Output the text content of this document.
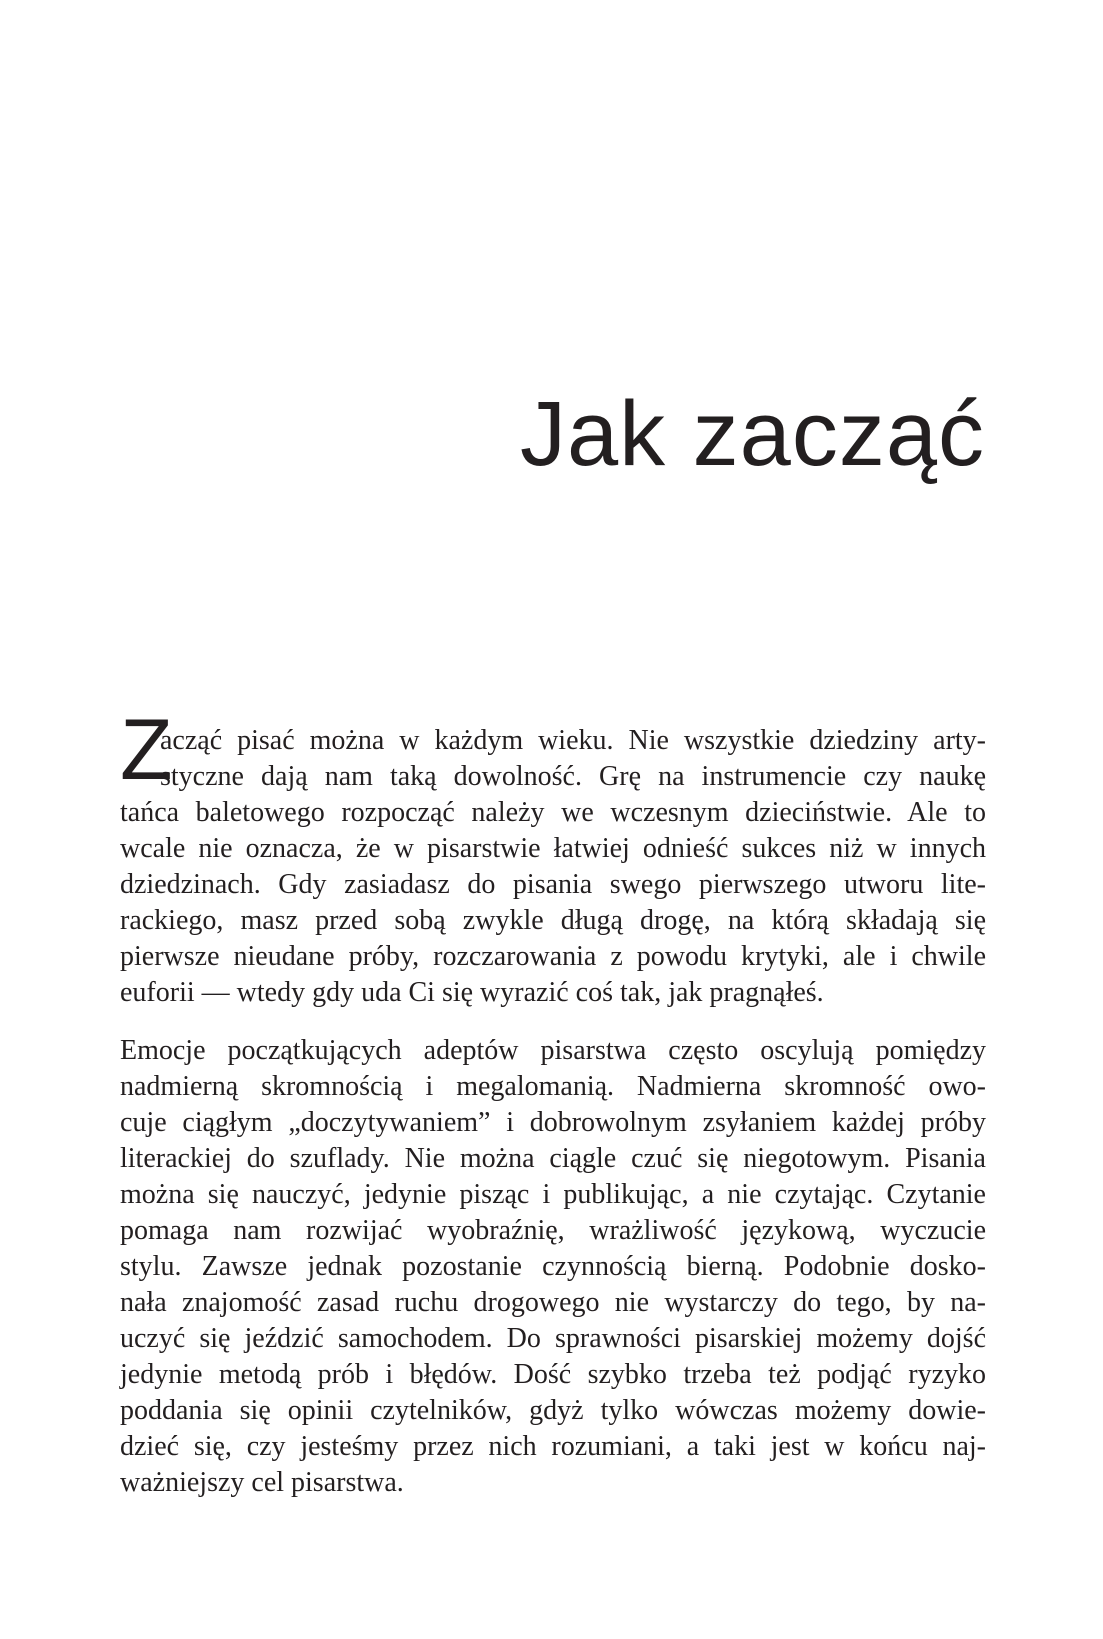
Jak zacząć
Z
acząć pisać można w każdym wieku. Nie wszystkie dziedziny arty-
styczne dają nam taką dowolność. Grę na instrumencie czy naukę
tańca baletowego rozpocząć należy we wczesnym dzieciństwie. Ale to
wcale nie oznacza, że w pisarstwie łatwiej odnieść sukces niż w innych
dziedzinach. Gdy zasiadasz do pisania swego pierwszego utworu lite-
rackiego, masz przed sobą zwykle długą drogę, na którą składają się
pierwsze nieudane próby, rozczarowania z powodu krytyki, ale i chwile
euforii — wtedy gdy uda Ci się wyrazić coś tak, jak pragnąłeś.
Emocje początkujących adeptów pisarstwa często oscylują pomiędzy
nadmierną skromnością i megalomanią. Nadmierna skromność owo-
cuje ciągłym „doczytywaniem” i dobrowolnym zsyłaniem każdej próby
literackiej do szuflady. Nie można ciągle czuć się niegotowym. Pisania
można się nauczyć, jedynie pisząc i publikując, a nie czytając. Czytanie
pomaga nam rozwijać wyobraźnię, wrażliwość językową, wyczucie
stylu. Zawsze jednak pozostanie czynnością bierną. Podobnie dosko-
nała znajomość zasad ruchu drogowego nie wystarczy do tego, by na-
uczyć się jeździć samochodem. Do sprawności pisarskiej możemy dojść
jedynie metodą prób i błędów. Dość szybko trzeba też podjąć ryzyko
poddania się opinii czytelników, gdyż tylko wówczas możemy dowie-
dzieć się, czy jesteśmy przez nich rozumiani, a taki jest w końcu naj-
ważniejszy cel pisarstwa.
